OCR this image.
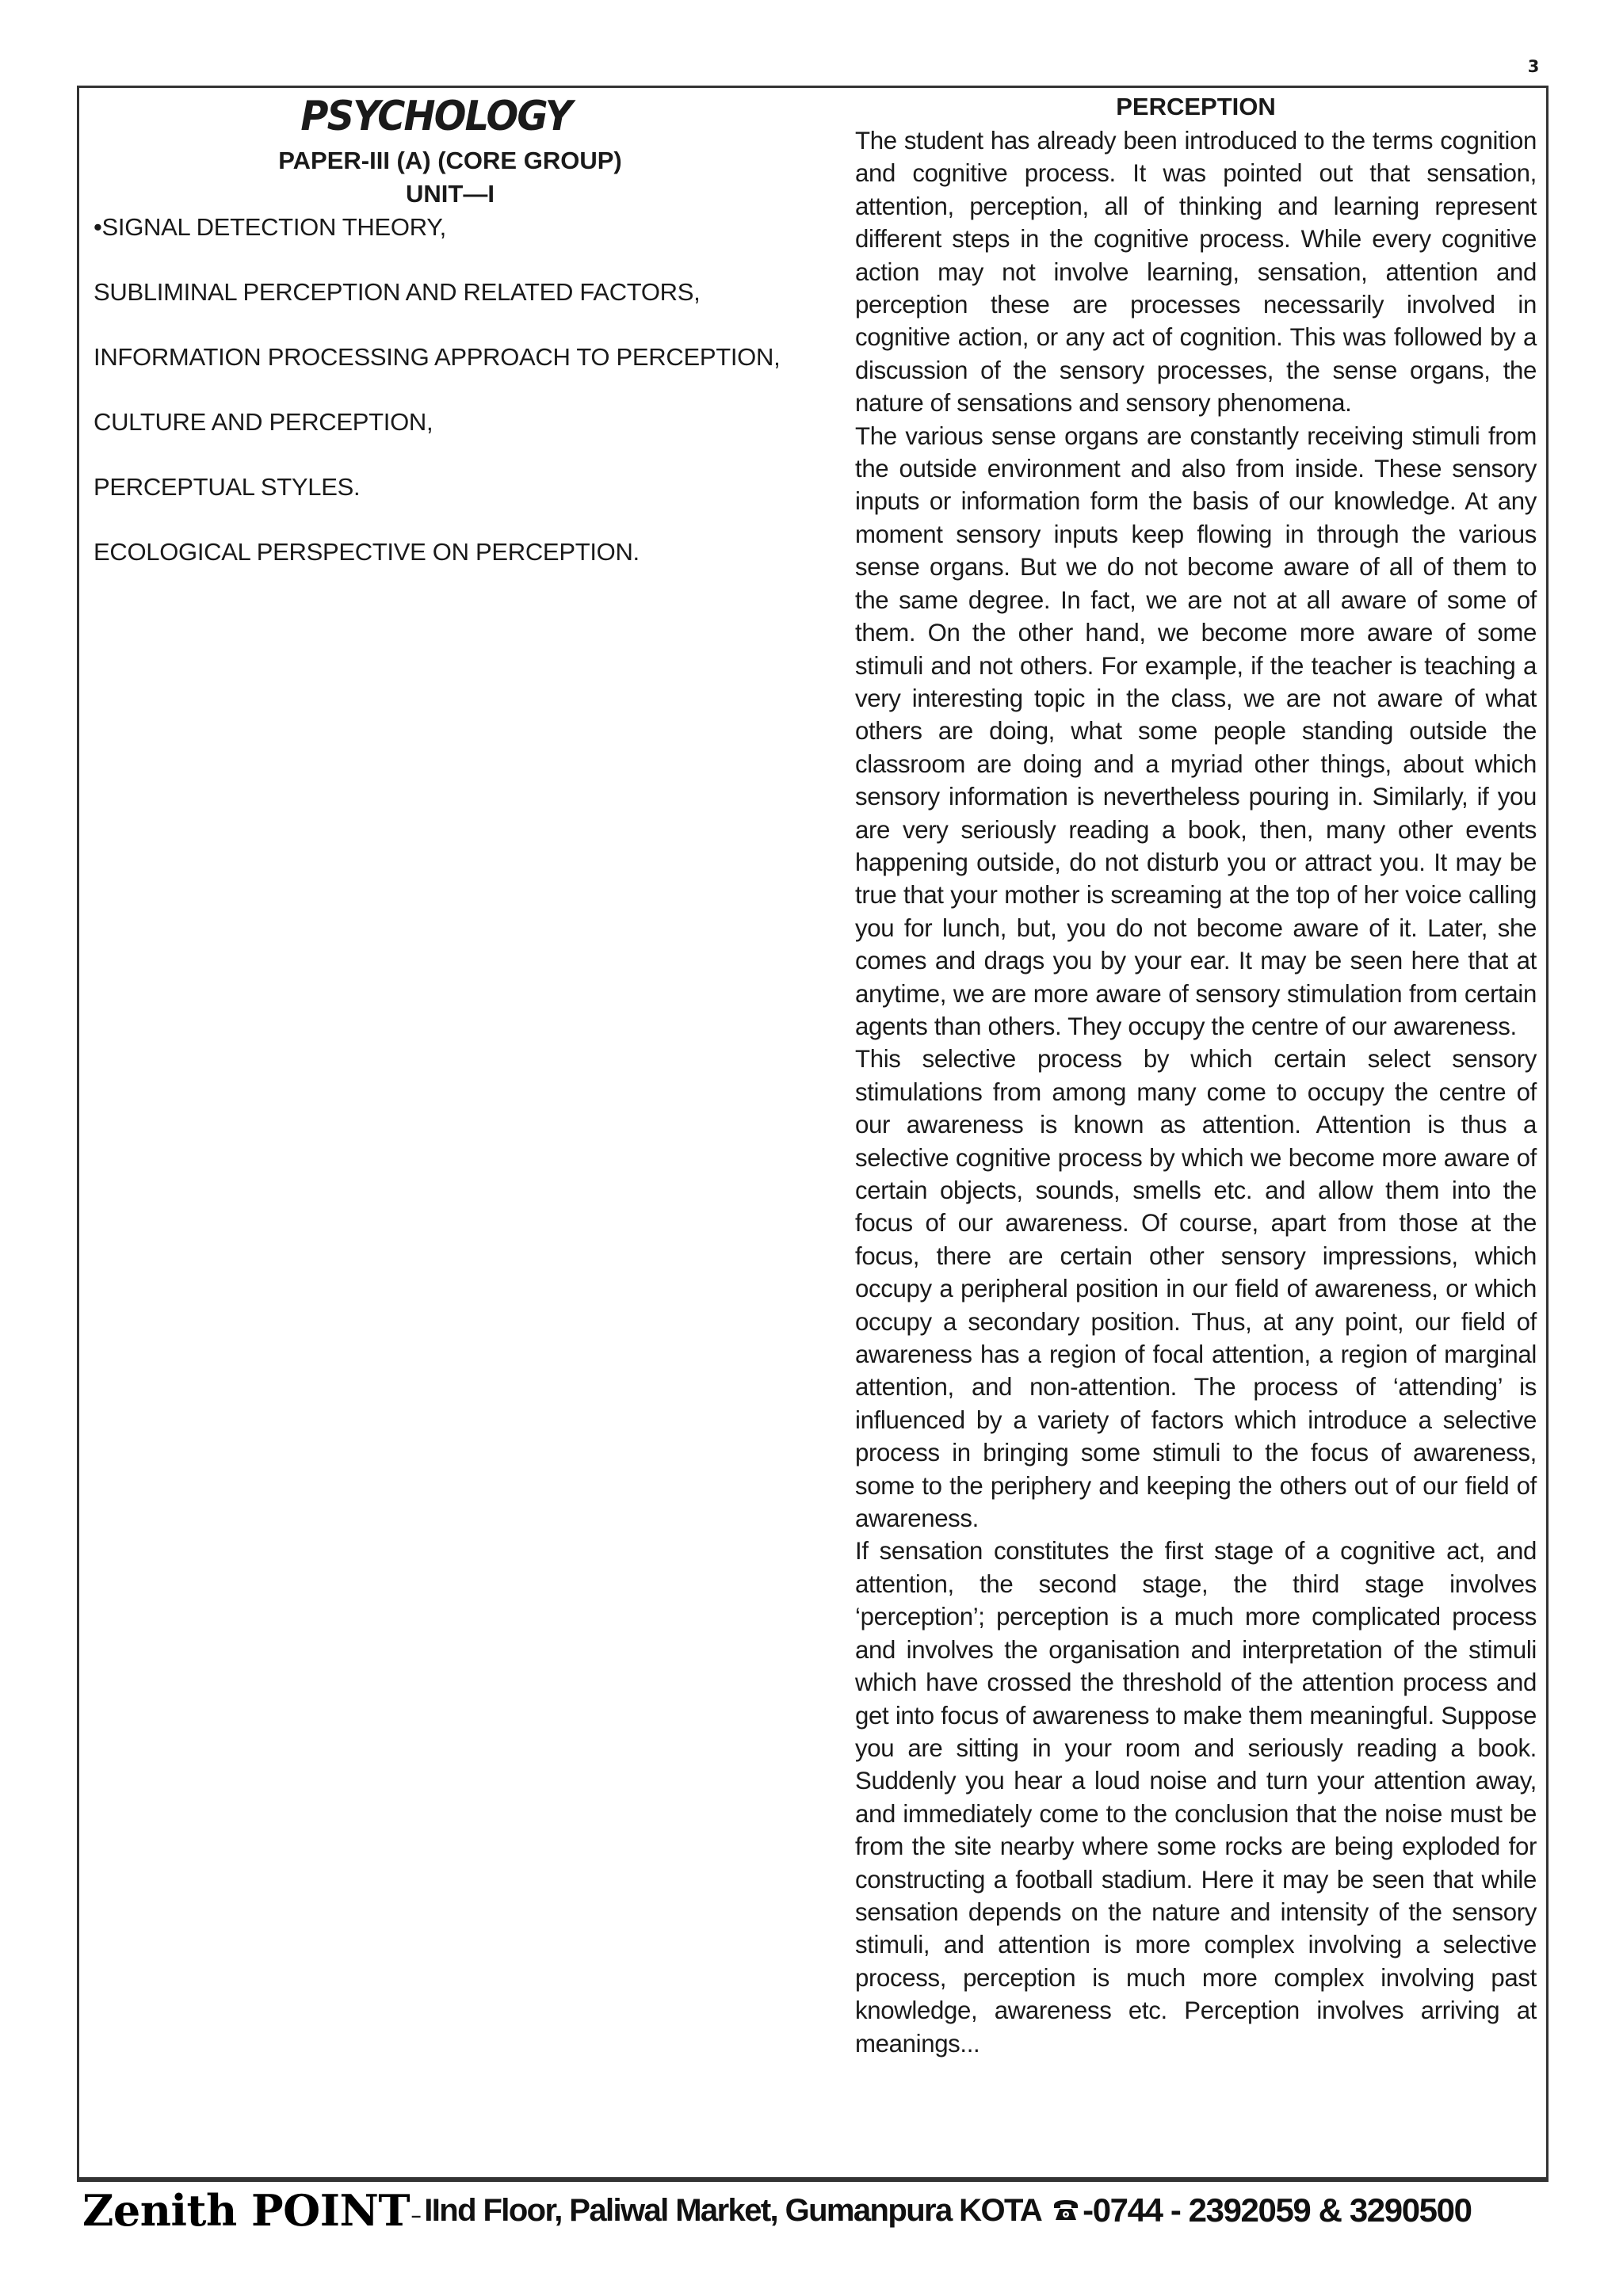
3
PSYCHOLOGY
PAPER-III (A) (CORE GROUP)
UNIT—I

•SIGNAL DETECTION THEORY,

SUBLIMINAL PERCEPTION AND RELATED FACTORS,

INFORMATION PROCESSING APPROACH TO PERCEPTION,

CULTURE AND PERCEPTION,

PERCEPTUAL STYLES.

ECOLOGICAL PERSPECTIVE ON PERCEPTION.

PERCEPTION

The student has already been introduced to the terms cognition and cognitive process. It was pointed out that sensation, attention, perception, all of thinking and learning represent different steps in the cognitive process. While every cognitive action may not involve learning, sensation, attention and perception these are processes necessarily involved in cognitive action, or any act of cognition. This was followed by a discussion of the sensory processes, the sense organs, the nature of sensations and sensory phenomena.

The various sense organs are constantly receiving stimuli from the outside environment and also from inside. These sensory inputs or information form the basis of our knowledge. At any moment sensory inputs keep flowing in through the various sense organs. But we do not become aware of all of them to the same degree. In fact, we are not at all aware of some of them. On the other hand, we become more aware of some stimuli and not others. For example, if the teacher is teaching a very interesting topic in the class, we are not aware of what others are doing, what some people standing outside the classroom are doing and a myriad other things, about which sensory information is nevertheless pouring in. Similarly, if you are very seriously reading a book, then, many other events happening outside, do not disturb you or attract you. It may be true that your mother is screaming at the top of her voice calling you for lunch, but, you do not become aware of it. Later, she comes and drags you by your ear. It may be seen here that at anytime, we are more aware of sensory stimulation from certain agents than others. They occupy the centre of our awareness.

This selective process by which certain select sensory stimulations from among many come to occupy the centre of our awareness is known as attention. Attention is thus a selective cognitive process by which we become more aware of certain objects, sounds, smells etc. and allow them into the focus of our awareness. Of course, apart from those at the focus, there are certain other sensory impressions, which occupy a peripheral position in our field of awareness, or which occupy a secondary position. Thus, at any point, our field of awareness has a region of focal attention, a region of marginal attention, and non-attention. The process of ‘attending’ is influenced by a variety of factors which introduce a selective process in bringing some stimuli to the focus of awareness, some to the periphery and keeping the others out of our field of awareness.

If sensation constitutes the first stage of a cognitive act, and attention, the second stage, the third stage involves ‘perception’; perception is a much more complicated process and involves the organisation and interpretation of the stimuli which have crossed the threshold of the attention process and get into focus of awareness to make them meaningful. Suppose you are sitting in your room and seriously reading a book. Suddenly you hear a loud noise and turn your attention away, and immediately come to the conclusion that the noise must be from the site nearby where some rocks are being exploded for constructing a football stadium. Here it may be seen that while sensation depends on the nature and intensity of the sensory stimuli, and attention is more complex involving a selective process, perception is much more complex involving past knowledge, awareness etc. Perception involves arriving at meanings...

Zenith POINT – IInd Floor, Paliwal Market, Gumanpura KOTA -0744 - 2392059 & 3290500
